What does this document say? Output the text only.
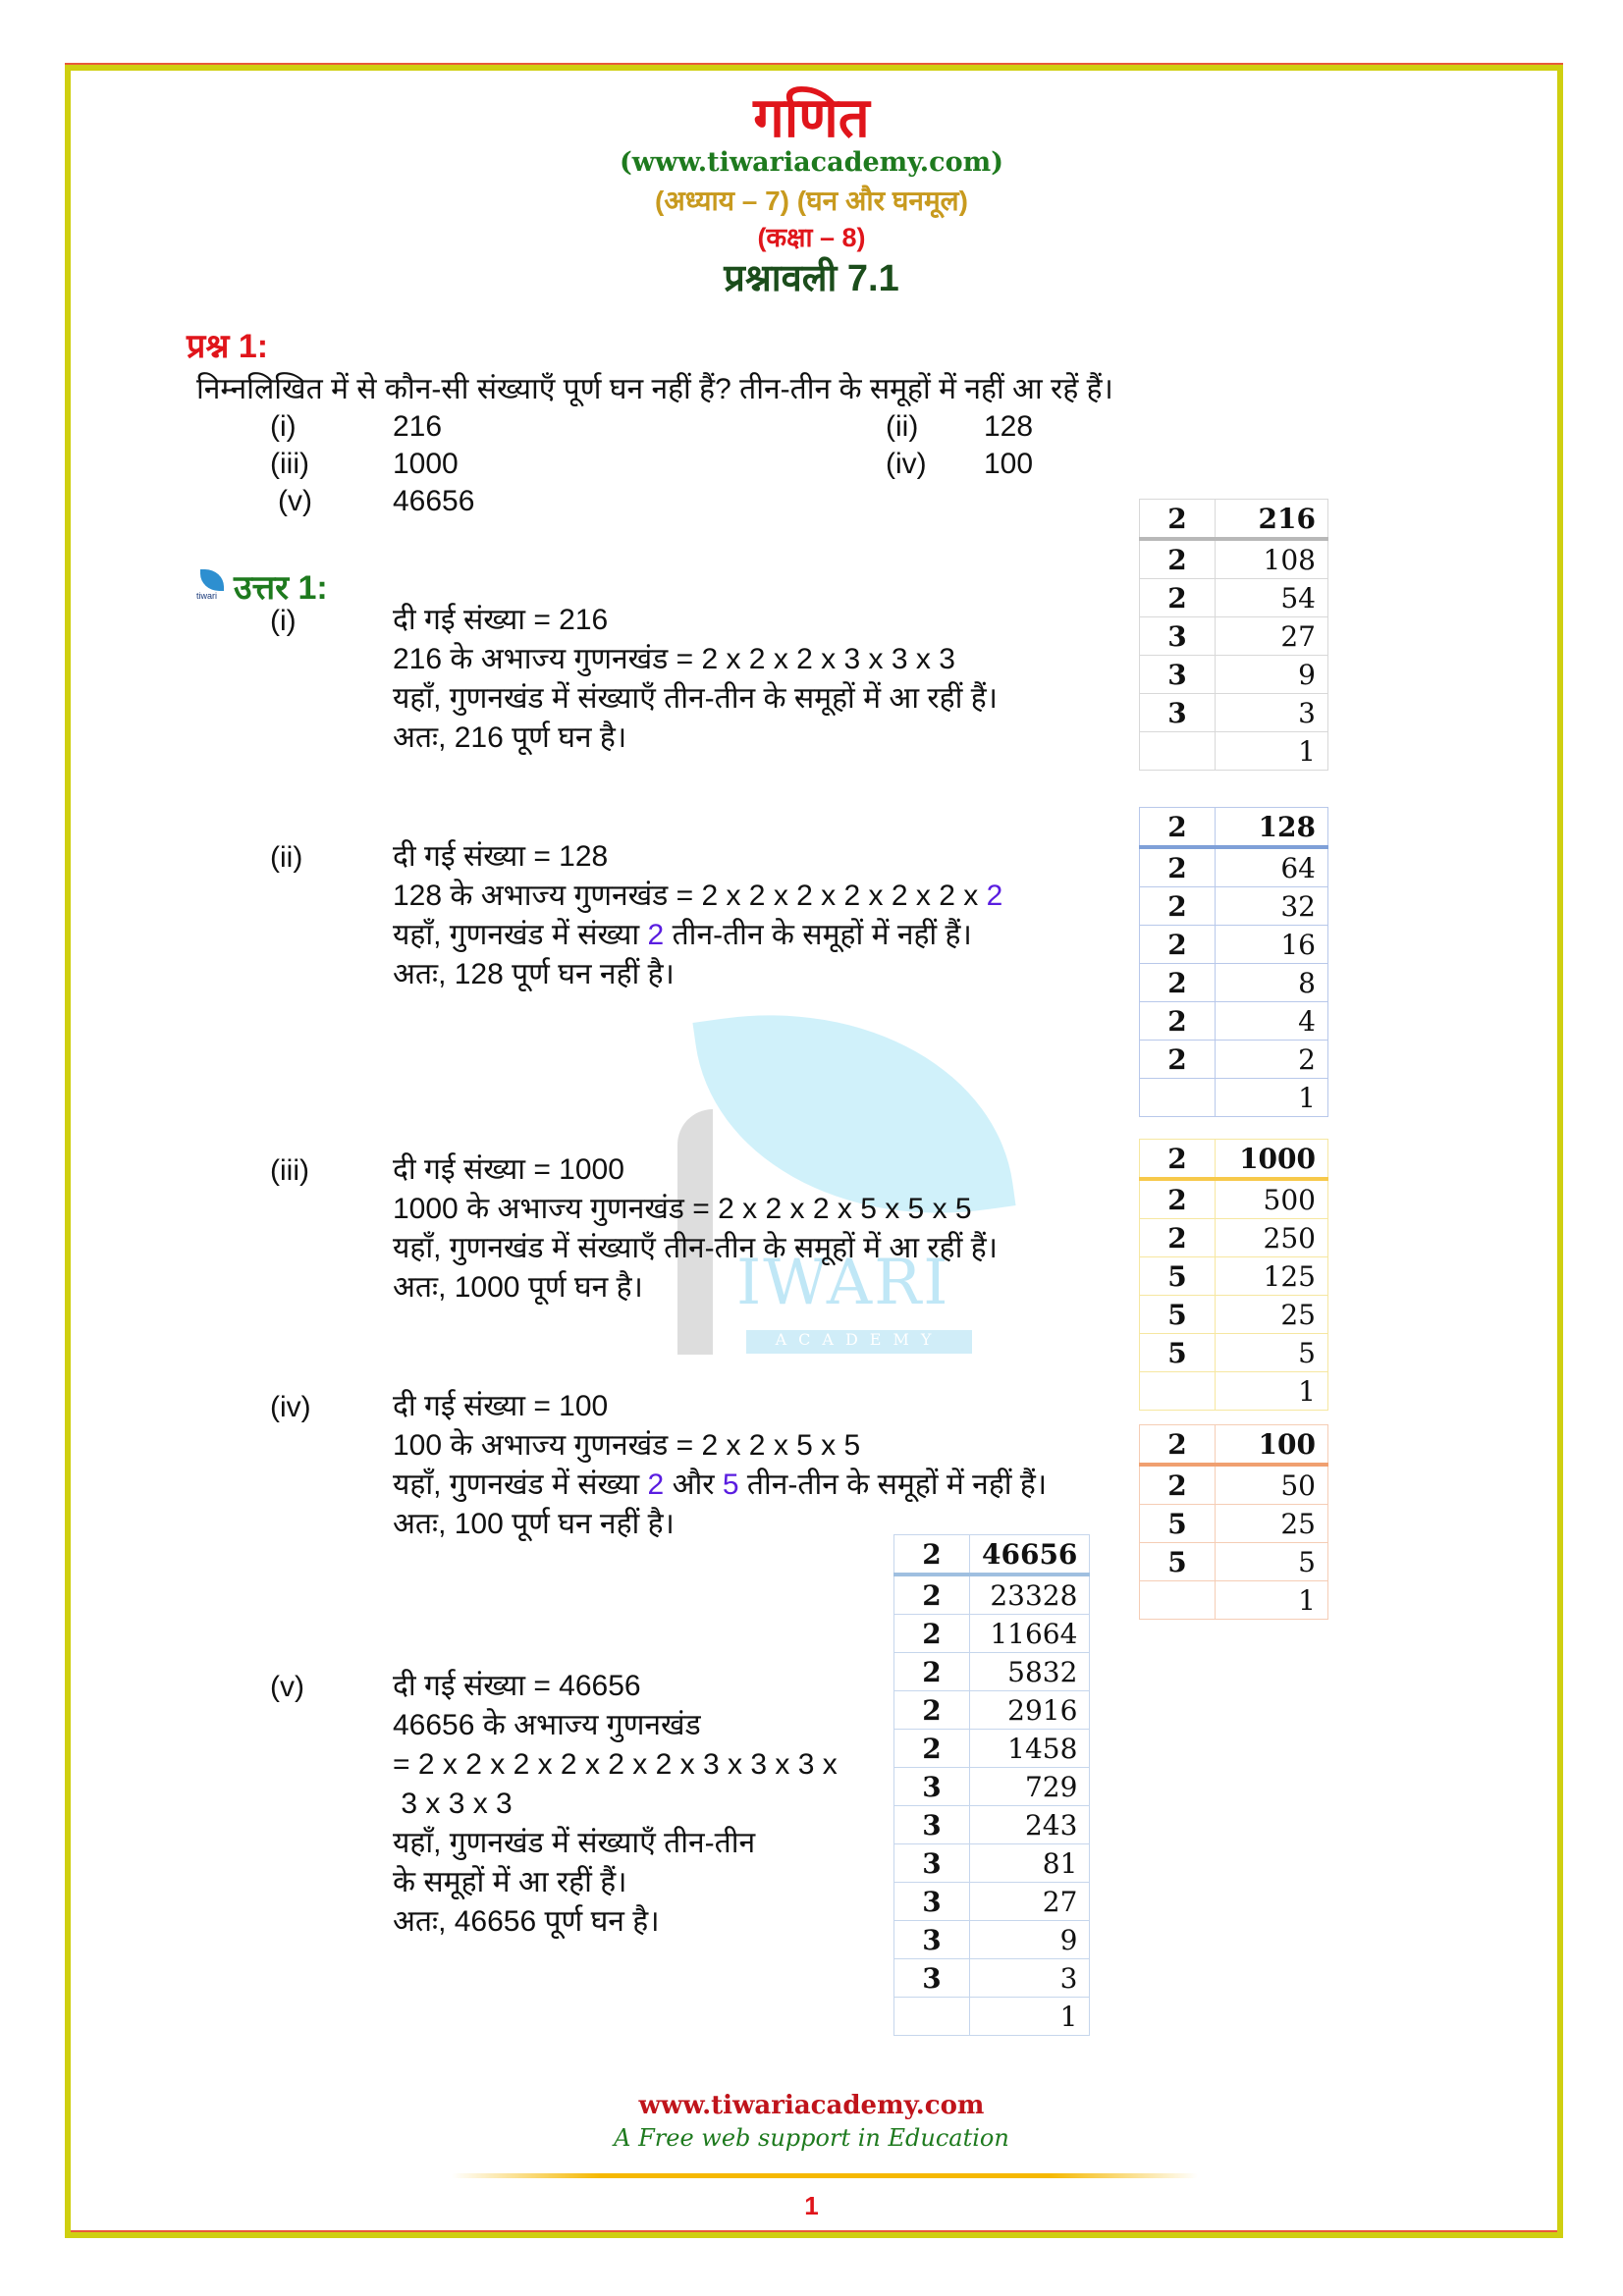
IWARI
ACADEMY
गणित
(www.tiwariacademy.com)
(अध्याय – 7) (घन और घनमूल)
(कक्षा – 8)
प्रश्नावली 7.1
प्रश्न 1:
निम्नलिखित में से कौन-सी संख्याएँ पूर्ण घन नहीं हैं? तीन-तीन के समूहों में नहीं आ रहें हैं।
(i)	216	(ii) 128
(iii)	1000	(iv) 100
(v)	46656
tiwari उत्तर 1:
(i)	दी गई संख्या = 216
216 के अभाज्य गुणनखंड = 2 x 2 x 2 x 3 x 3 x 3
यहाँ, गुणनखंड में संख्याएँ तीन-तीन के समूहों में आ रहीं हैं।
अतः, 216 पूर्ण घन है।
(ii)	दी गई संख्या = 128
128 के अभाज्य गुणनखंड = 2 x 2 x 2 x 2 x 2 x 2 x 2
यहाँ, गुणनखंड में संख्या 2 तीन-तीन के समूहों में नहीं हैं।
अतः, 128 पूर्ण घन नहीं है।
(iii)	दी गई संख्या = 1000
1000 के अभाज्य गुणनखंड = 2 x 2 x 2 x 5 x 5 x 5
यहाँ, गुणनखंड में संख्याएँ तीन-तीन के समूहों में आ रहीं हैं।
अतः, 1000 पूर्ण घन है।
(iv)	दी गई संख्या = 100
100 के अभाज्य गुणनखंड = 2 x 2 x 5 x 5
यहाँ, गुणनखंड में संख्या 2 और 5 तीन-तीन के समूहों में नहीं हैं।
अतः, 100 पूर्ण घन नहीं है।
(v)	दी गई संख्या = 46656
46656 के अभाज्य गुणनखंड
= 2 x 2 x 2 x 2 x 2 x 2 x 3 x 3 x 3 x
3 x 3 x 3
यहाँ, गुणनखंड में संख्याएँ तीन-तीन
के समूहों में आ रहीं हैं।
अतः, 46656 पूर्ण घन है।
2	216
2	108
2	54
3	27
3	9
3	3
	1
2	128
2	64
2	32
2	16
2	8
2	4
2	2
	1
2	1000
2	500
2	250
5	125
5	25
5	5
	1
2	100
2	50
5	25
5	5
	1
2	46656
2	23328
2	11664
2	5832
2	2916
2	1458
3	729
3	243
3	81
3	27
3	9
3	3
	1
www.tiwariacademy.com
A Free web support in Education
1
